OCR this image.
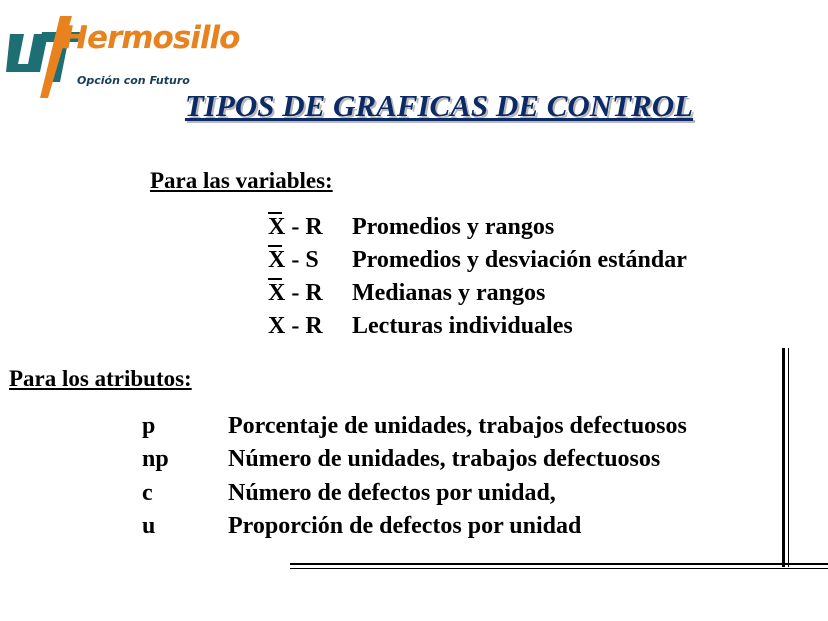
Hermosillo
Opción con Futuro
TIPOS DE GRAFICAS DE CONTROL
Para las variables:
X - R Promedios y rangos
X - S Promedios y desviación estándar
X - R Medianas y rangos
X - R Lecturas individuales
Para los atributos:
p	Porcentaje de unidades, trabajos defectuosos
np Número de unidades, trabajos defectuosos
c	Número de defectos por unidad,
u	Proporción de defectos por unidad
